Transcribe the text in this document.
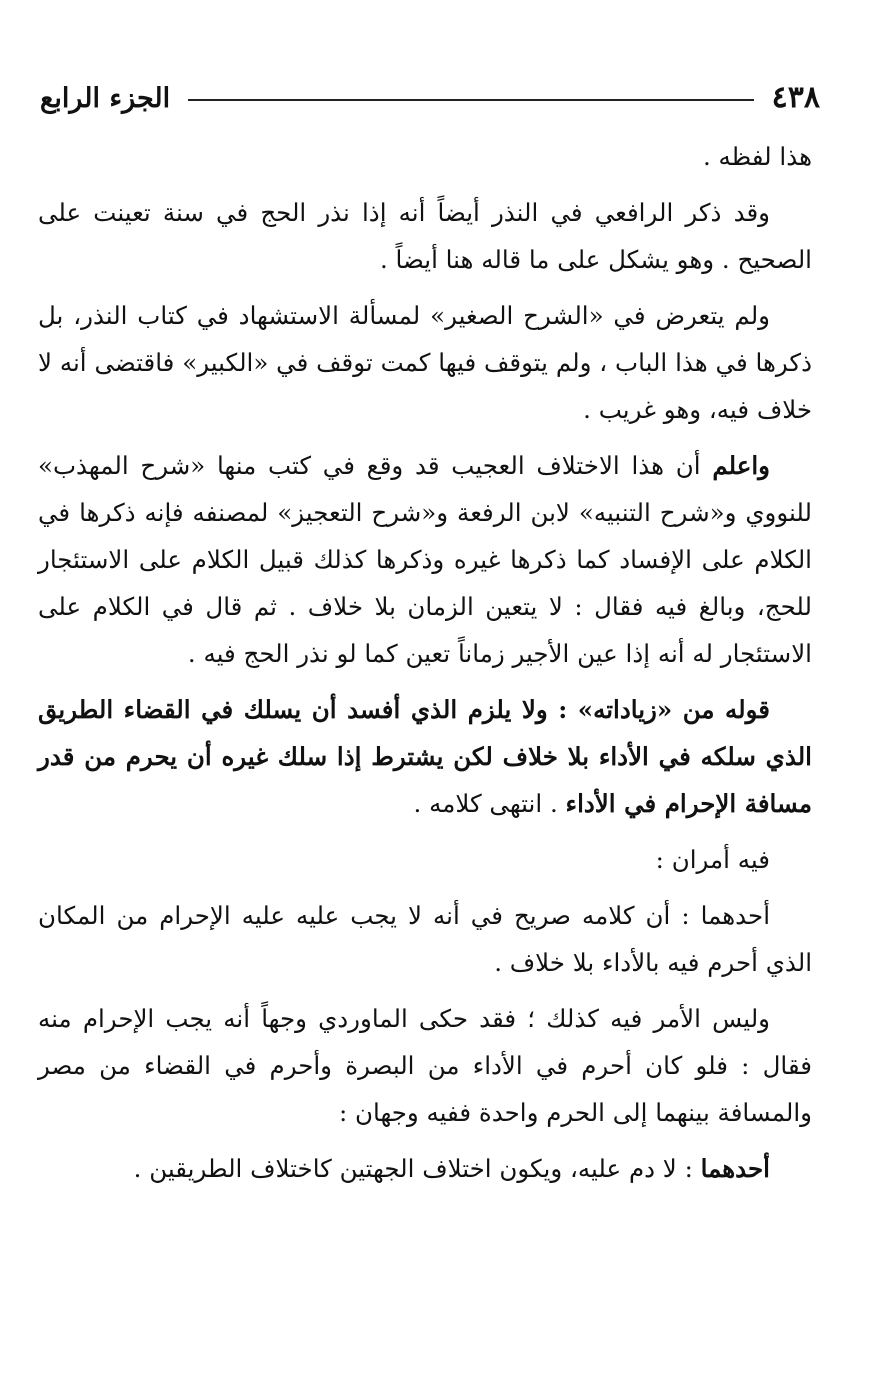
٤٣٨
الجزء الرابع

هذا لفظه .

وقد ذكر الرافعي في النذر أيضاً أنه إذا نذر الحج في سنة تعينت على الصحيح . وهو يشكل على ما قاله هنا أيضاً .

ولم يتعرض في «الشرح الصغير» لمسألة الاستشهاد في كتاب النذر، بل ذكرها في هذا الباب ، ولم يتوقف فيها كمت توقف في «الكبير» فاقتضى أنه لا خلاف فيه، وهو غريب .

واعلم أن هذا الاختلاف العجيب قد وقع في كتب منها «شرح المهذب» للنووي و«شرح التنبيه» لابن الرفعة و«شرح التعجيز» لمصنفه فإنه ذكرها في الكلام على الإفساد كما ذكرها غيره وذكرها كذلك قبيل الكلام على الاستئجار للحج، وبالغ فيه فقال : لا يتعين الزمان بلا خلاف . ثم قال في الكلام على الاستئجار له أنه إذا عين الأجير زماناً تعين كما لو نذر الحج فيه .

قوله من «زياداته» : ولا يلزم الذي أفسد أن يسلك في القضاء الطريق الذي سلكه في الأداء بلا خلاف لكن يشترط إذا سلك غيره أن يحرم من قدر مسافة الإحرام في الأداء . انتهى كلامه .

فيه أمران :

أحدهما : أن كلامه صريح في أنه لا يجب عليه عليه الإحرام من المكان الذي أحرم فيه بالأداء بلا خلاف .

وليس الأمر فيه كذلك ؛ فقد حكى الماوردي وجهاً أنه يجب الإحرام منه فقال : فلو كان أحرم في الأداء من البصرة وأحرم في القضاء من مصر والمسافة بينهما إلى الحرم واحدة ففيه وجهان :

أحدهما : لا دم عليه، ويكون اختلاف الجهتين كاختلاف الطريقين .
